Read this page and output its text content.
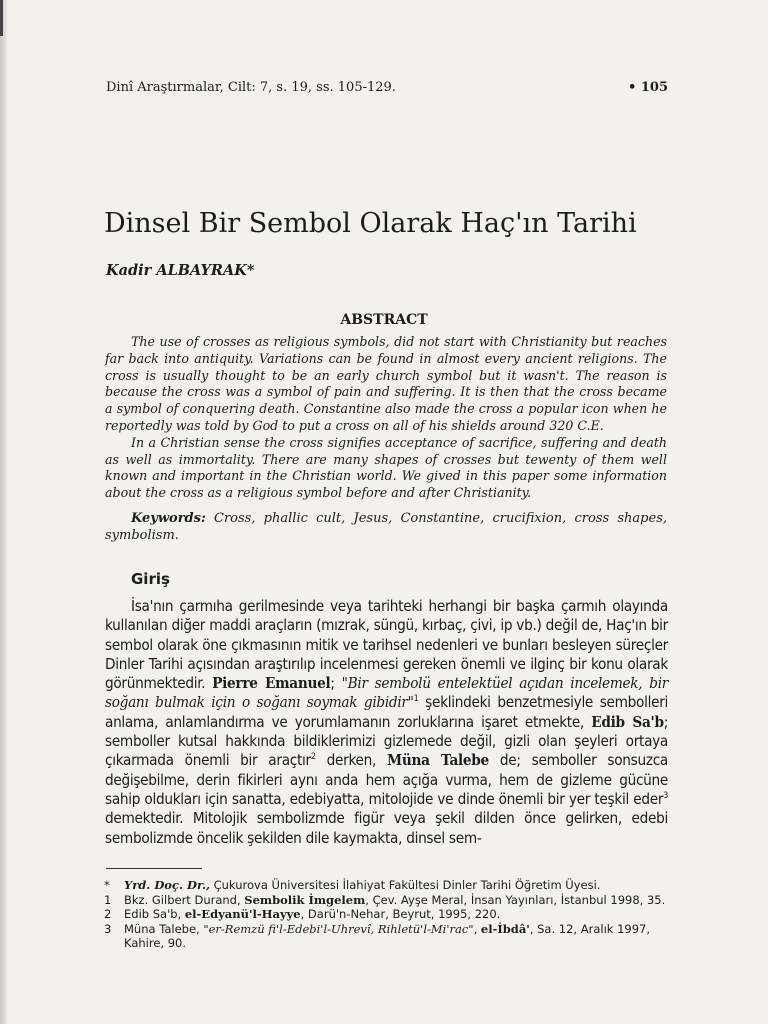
Dinî Araştırmalar, Cilt: 7, s. 19, ss. 105-129.	• 105
Dinsel Bir Sembol Olarak Haç'ın Tarihi
Kadir ALBAYRAK*
ABSTRACT

The use of crosses as religious symbols, did not start with Christianity but reaches far back into antiquity. Variations can be found in almost every ancient religions. The cross is usually thought to be an early church symbol but it wasn't. The reason is because the cross was a symbol of pain and suffering. It is then that the cross became a symbol of conquering death. Constantine also made the cross a popular icon when he reportedly was told by God to put a cross on all of his shields around 320 C.E.

In a Christian sense the cross signifies acceptance of sacrifice, suffering and death as well as immortality. There are many shapes of crosses but tewenty of them well known and important in the Christian world. We gived in this paper some information about the cross as a religious symbol before and after Christianity.

Keywords: Cross, phallic cult, Jesus, Constantine, crucifixion, cross shapes, symbolism.
Giriş

İsa'nın çarmıha gerilmesinde veya tarihteki herhangi bir başka çarmıh olayında kullanılan diğer maddi araçların (mızrak, süngü, kırbaç, çivi, ip vb.) değil de, Haç'ın bir sembol olarak öne çıkmasının mitik ve tarihsel nedenleri ve bunları besleyen süreçler Dinler Tarihi açısından araştırılıp incelenmesi gereken önemli ve ilginç bir konu olarak görünmektedir. Pierre Emanuel; "Bir sembolü entelektüel açıdan incelemek, bir soğanı bulmak için o soğanı soymak gibidir"$^1$ şeklindeki benzetmesiyle sembolleri anlama, anlamlandırma ve yorumlamanın zorluklarına işaret etmekte, Edib Sa'b; semboller kutsal hakkında bildiklerimizi gizlemede değil, gizli olan şeyleri ortaya çıkarmada önemli bir araçtır$^2$ derken, Müna Talebe de; semboller sonsuzca değişebilme, derin fikirleri aynı anda hem açığa vurma, hem de gizleme gücüne sahip oldukları için sanatta, edebiyatta, mitolojide ve dinde önemli bir yer teşkil eder$^3$ demektedir. Mitolojik sembolizmde figür veya şekil dilden önce gelirken, edebi sembolizmde öncelik şekilden dile kaymakta, dinsel sem-

*	Yrd. Doç. Dr., Çukurova Üniversitesi İlahiyat Fakültesi Dinler Tarihi Öğretim Üyesi.
1	Bkz. Gilbert Durand, Sembolik İmgelem, Çev. Ayşe Meral, İnsan Yayınları, İstanbul 1998, 35.
2	Edib Sa'b, el-Edyanü'l-Hayye, Darü'n-Nehar, Beyrut, 1995, 220.
3	Müna Talebe, "er-Remzü fi'l-Edebi'l-Uhrevî, Rihletü'l-Mi'rac", el-İbdâ', Sa. 12, Aralık 1997, Kahire, 90.
